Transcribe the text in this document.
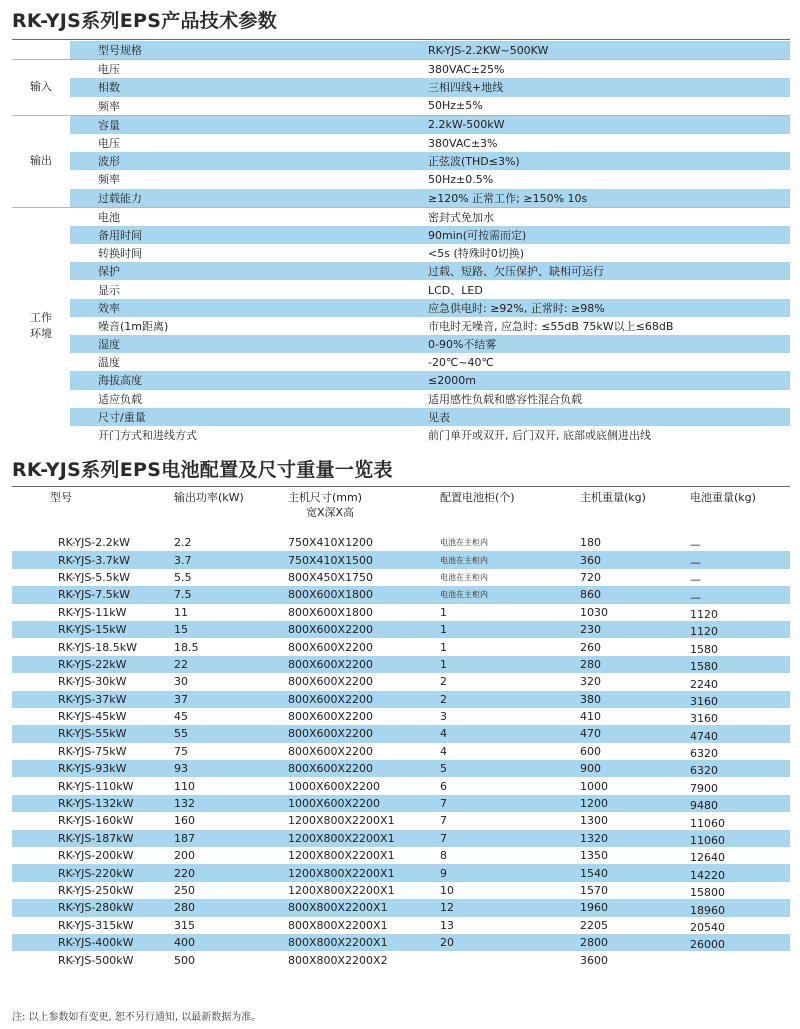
RK-YJS系列EPS产品技术参数
	型号规格	RK-YJS-2.2KW~500KW
输入	电压	380VAC±25%
	相数	三相四线+地线
	频率	50Hz±5%
输出	容量	2.2kW-500kW
	电压	380VAC±3%
	波形	正弦波(THD≤3%)
	频率	50Hz±0.5%
	过载能力	≥120% 正常工作; ≥150% 10s
工作
环境	电池	密封式免加水
	备用时间	90min(可按需而定)
	转换时间	<5s (特殊时0切换)
	保护	过载、短路、欠压保护、缺相可运行
	显示	LCD、LED
	效率	应急供电时: ≥92%, 正常时: ≥98%
	噪音(1m距离)	市电时无噪音, 应急时: ≤55dB 75kW以上≤68dB
	湿度	0-90%不结雾
	温度	-20℃~40℃
	海拔高度	≤2000m
	适应负载	适用感性负载和感容性混合负载
	尺寸/重量	见表
	开门方式和进线方式	前门单开或双开, 后门双开, 底部或底侧进出线
RK-YJS系列EPS电池配置及尺寸重量一览表
型号	输出功率(kW)	主机尺寸(mm)
宽X深X高	配置电池柜(个)	主机重量(kg)	电池重量(kg)
RK-YJS-2.2kW	2.2	750X410X1200	电池在主柜内	180	—
RK-YJS-3.7kW	3.7	750X410X1500	电池在主柜内	360	—
RK-YJS-5.5kW	5.5	800X450X1750	电池在主柜内	720	—
RK-YJS-7.5kW	7.5	800X600X1800	电池在主柜内	860	—
RK-YJS-11kW	11	800X600X1800	1	1030	1120
RK-YJS-15kW	15	800X600X2200	1	230	1120
RK-YJS-18.5kW	18.5	800X600X2200	1	260	1580
RK-YJS-22kW	22	800X600X2200	1	280	1580
RK-YJS-30kW	30	800X600X2200	2	320	2240
RK-YJS-37kW	37	800X600X2200	2	380	3160
RK-YJS-45kW	45	800X600X2200	3	410	3160
RK-YJS-55kW	55	800X600X2200	4	470	4740
RK-YJS-75kW	75	800X600X2200	4	600	6320
RK-YJS-93kW	93	800X600X2200	5	900	6320
RK-YJS-110kW	110	1000X600X2200	6	1000	7900
RK-YJS-132kW	132	1000X600X2200	7	1200	9480
RK-YJS-160kW	160	1200X800X2200X1	7	1300	11060
RK-YJS-187kW	187	1200X800X2200X1	7	1320	11060
RK-YJS-200kW	200	1200X800X2200X1	8	1350	12640
RK-YJS-220kW	220	1200X800X2200X1	9	1540	14220
RK-YJS-250kW	250	1200X800X2200X1	10	1570	15800
RK-YJS-280kW	280	800X800X2200X1	12	1960	18960
RK-YJS-315kW	315	800X800X2200X1	13	2205	20540
RK-YJS-400kW	400	800X800X2200X1	20	2800	26000
RK-YJS-500kW	500	800X800X2200X2		3600	
注: 以上参数如有变更, 恕不另行通知, 以最新数据为准。
